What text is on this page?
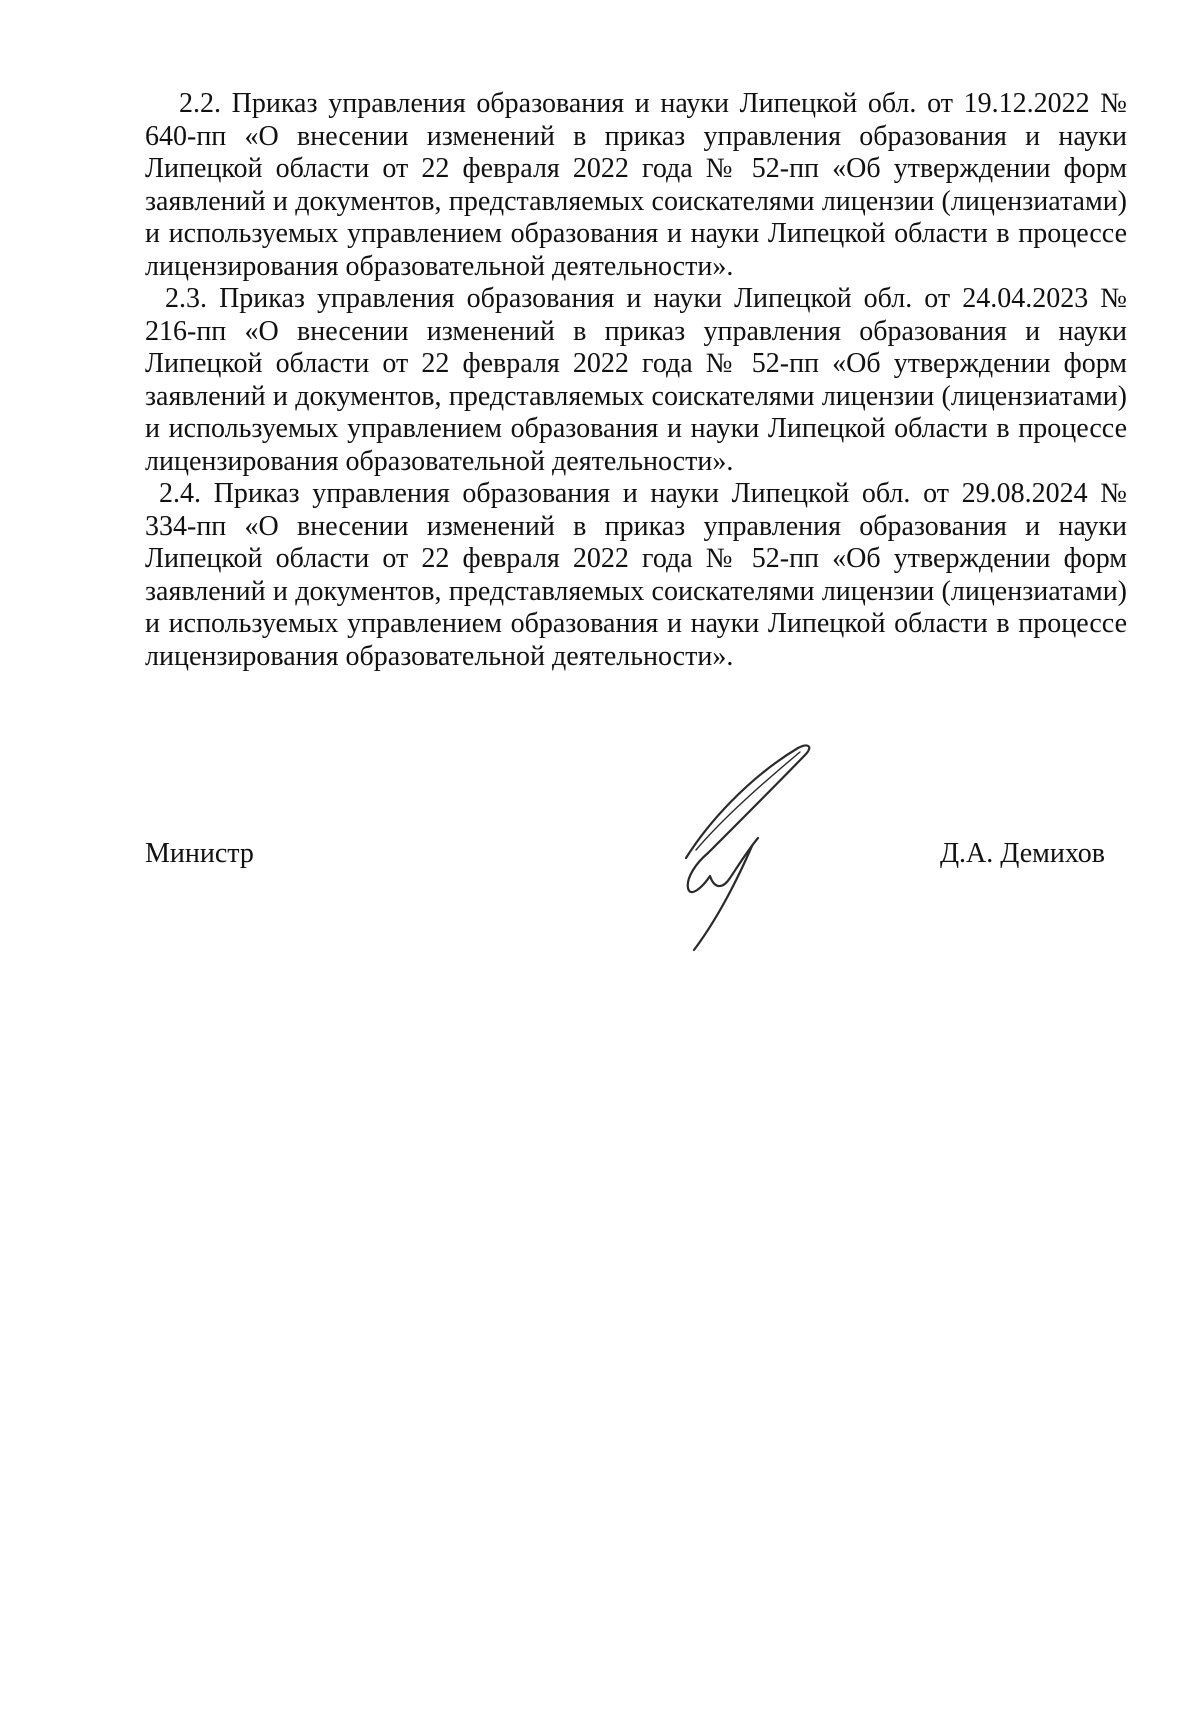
2.2. Приказ управления образования и науки Липецкой обл. от 19.12.2022 № 640-пп «О внесении изменений в приказ управления образования и науки Липецкой области от 22 февраля 2022 года № 52-пп «Об утверждении форм заявлений и документов, представляемых соискателями лицензии (лицензиатами) и используемых управлением образования и науки Липецкой области в процессе лицензирования образовательной деятельности».

2.3. Приказ управления образования и науки Липецкой обл. от 24.04.2023 № 216-пп «О внесении изменений в приказ управления образования и науки Липецкой области от 22 февраля 2022 года № 52-пп «Об утверждении форм заявлений и документов, представляемых соискателями лицензии (лицензиатами) и используемых управлением образования и науки Липецкой области в процессе лицензирования образовательной деятельности».

2.4. Приказ управления образования и науки Липецкой обл. от 29.08.2024 № 334-пп «О внесении изменений в приказ управления образования и науки Липецкой области от 22 февраля 2022 года № 52-пп «Об утверждении форм заявлений и документов, представляемых соискателями лицензии (лицензиатами) и используемых управлением образования и науки Липецкой области в процессе лицензирования образовательной деятельности».

Министр	Д.А. Демихов
